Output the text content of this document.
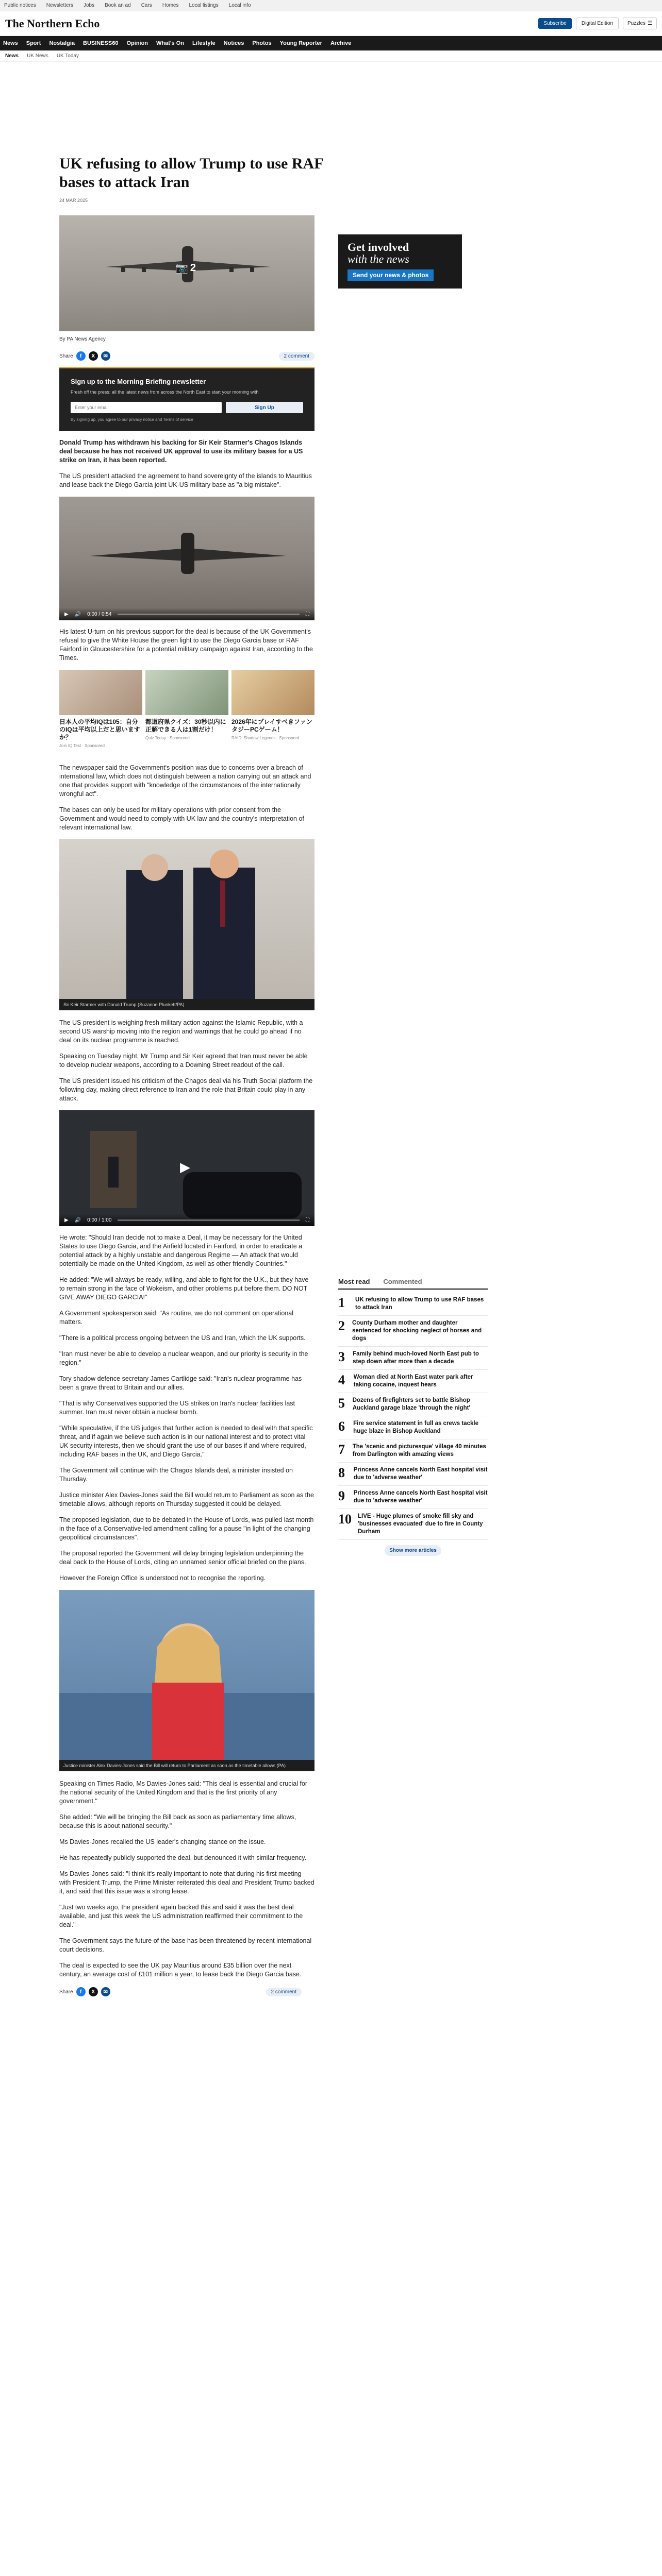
Public notices Newsletters Jobs Book an ad Cars Homes Local listings Local info
The Northern Echo	Subscribe	Digital Edition	Puzzles ☰
News Sport Nostalgia BUSINESS60 Opinion What's On Lifestyle Notices Photos Young Reporter Archive
News UK News UK Today
UK refusing to allow Trump to use RAF bases to attack Iran
24 MAR 2025
📷 2
By PA News Agency
Share	f	X	✉	2 comment
Sign up to the Morning Briefing newsletter

Fresh off the press: all the latest news from across the North East to start your morning with

Enter your email
Sign Up
By signing up, you agree to our privacy notice and Terms of service

Donald Trump has withdrawn his backing for Sir Keir Starmer's Chagos Islands deal because he has not received UK approval to use its military bases for a US strike on Iran, it has been reported.

The US president attacked the agreement to hand sovereignty of the islands to Mauritius and lease back the Diego Garcia joint UK-US military base as "a big mistake".

▶ 🔊 0:00 / 0:54	⛶

His latest U-turn on his previous support for the deal is because of the UK Government's refusal to give the White House the green light to use the Diego Garcia base or RAF Fairford in Gloucestershire for a potential military campaign against Iran, according to the Times.

日本人の平均IQは105：自分のIQは平均以上だと思いますか？
Join IQ Test · Sponsored
都道府県クイズ：30秒以内に正解できる人は1割だけ！
Quiz Today · Sponsored
2026年にプレイすべきファンタジーPCゲーム！
RAID: Shadow Legends · Sponsored

The newspaper said the Government's position was due to concerns over a breach of international law, which does not distinguish between a nation carrying out an attack and one that provides support with "knowledge of the circumstances of the internationally wrongful act".

The bases can only be used for military operations with prior consent from the Government and would need to comply with UK law and the country's interpretation of relevant international law.

Sir Keir Starmer with Donald Trump (Suzanne Plunkett/PA)

The US president is weighing fresh military action against the Islamic Republic, with a second US warship moving into the region and warnings that he could go ahead if no deal on its nuclear programme is reached.

Speaking on Tuesday night, Mr Trump and Sir Keir agreed that Iran must never be able to develop nuclear weapons, according to a Downing Street readout of the call.

The US president issued his criticism of the Chagos deal via his Truth Social platform the following day, making direct reference to Iran and the role that Britain could play in any attack.

▶
▶ 🔊 0:00 / 1:00	⛶

He wrote: "Should Iran decide not to make a Deal, it may be necessary for the United States to use Diego Garcia, and the Airfield located in Fairford, in order to eradicate a potential attack by a highly unstable and dangerous Regime — An attack that would potentially be made on the United Kingdom, as well as other friendly Countries."

He added: "We will always be ready, willing, and able to fight for the U.K., but they have to remain strong in the face of Wokeism, and other problems put before them. DO NOT GIVE AWAY DIEGO GARCIA!"

A Government spokesperson said: "As routine, we do not comment on operational matters.

"There is a political process ongoing between the US and Iran, which the UK supports.

"Iran must never be able to develop a nuclear weapon, and our priority is security in the region."

Tory shadow defence secretary James Cartlidge said: "Iran's nuclear programme has been a grave threat to Britain and our allies.

"That is why Conservatives supported the US strikes on Iran's nuclear facilities last summer. Iran must never obtain a nuclear bomb.

"While speculative, if the US judges that further action is needed to deal with that specific threat, and if again we believe such action is in our national interest and to protect vital UK security interests, then we should grant the use of our bases if and where required, including RAF bases in the UK, and Diego Garcia."

The Government will continue with the Chagos Islands deal, a minister insisted on Thursday.

Justice minister Alex Davies-Jones said the Bill would return to Parliament as soon as the timetable allows, although reports on Thursday suggested it could be delayed.

The proposed legislation, due to be debated in the House of Lords, was pulled last month in the face of a Conservative-led amendment calling for a pause "in light of the changing geopolitical circumstances".

The proposal reported the Government will delay bringing legislation underpinning the deal back to the House of Lords, citing an unnamed senior official briefed on the plans.

However the Foreign Office is understood not to recognise the reporting.

Justice minister Alex Davies-Jones said the Bill will return to Parliament as soon as the timetable allows (PA)

Speaking on Times Radio, Ms Davies-Jones said: "This deal is essential and crucial for the national security of the United Kingdom and that is the first priority of any government."

She added: "We will be bringing the Bill back as soon as parliamentary time allows, because this is about national security."

Ms Davies-Jones recalled the US leader's changing stance on the issue.

He has repeatedly publicly supported the deal, but denounced it with similar frequency.

Ms Davies-Jones said: "I think it's really important to note that during his first meeting with President Trump, the Prime Minister reiterated this deal and President Trump backed it, and said that this issue was a strong lease.

"Just two weeks ago, the president again backed this and said it was the best deal available, and just this week the US administration reaffirmed their commitment to the deal."

The Government says the future of the base has been threatened by recent international court decisions.

The deal is expected to see the UK pay Mauritius around £35 billion over the next century, an average cost of £101 million a year, to lease back the Diego Garcia base.

Share	f	X	✉	2 comment
Get involved
with the news
Send your news & photos
Most read Commented
1	UK refusing to allow Trump to use RAF bases to attack Iran
2 County Durham mother and daughter sentenced for shocking neglect of horses and dogs
3 Family behind much-loved North East pub to step down after more than a decade
4 Woman died at North East water park after taking cocaine, inquest hears
5 Dozens of firefighters set to battle Bishop Auckland garage blaze 'through the night'
6 Fire service statement in full as crews tackle huge blaze in Bishop Auckland
7 The 'scenic and picturesque' village 40 minutes from Darlington with amazing views
8 Princess Anne cancels North East hospital visit due to 'adverse weather'
9 Princess Anne cancels North East hospital visit due to 'adverse weather'
10 LIVE - Huge plumes of smoke fill sky and 'businesses evacuated' due to fire in County Durham
Show more articles
